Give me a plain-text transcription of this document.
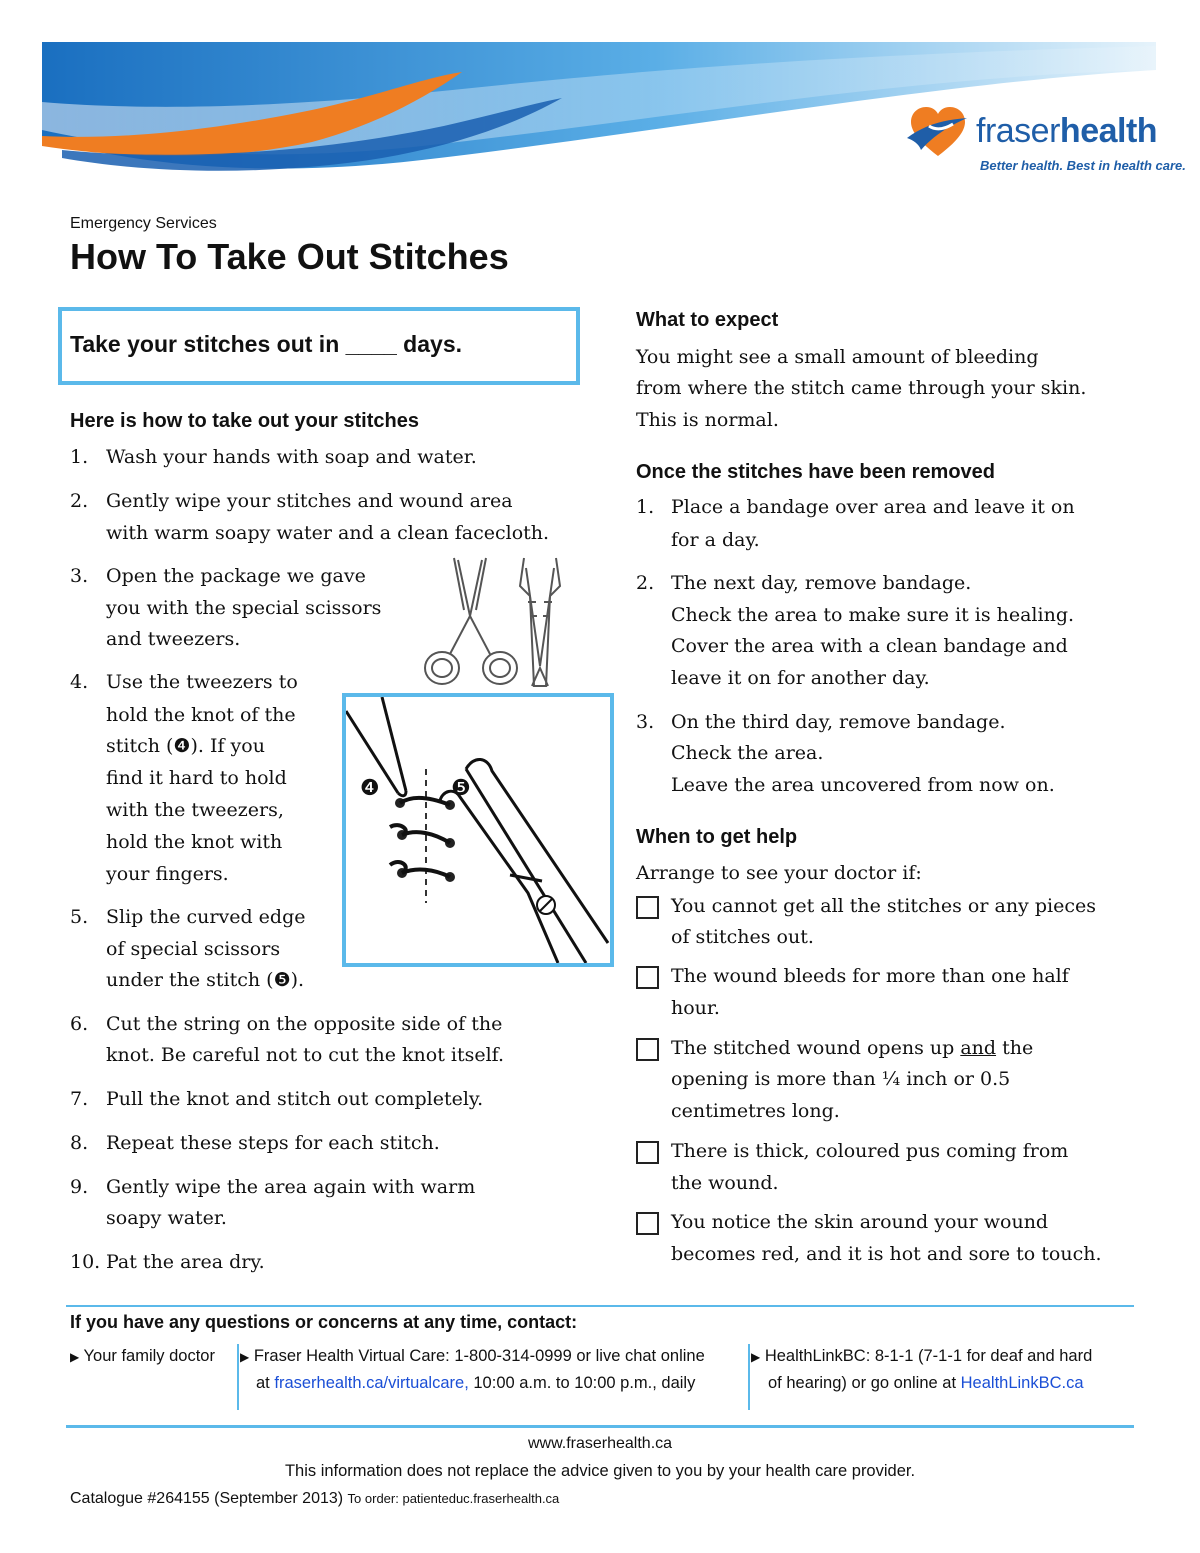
fraserhealth
Better health. Best in health care.
Emergency Services
How To Take Out Stitches
Take your stitches out in ____ days.
Here is how to take out your stitches
❹	❺
What to expect
Once the stitches have been removed
When to get help
Arrange to see your doctor if:
If you have any questions or concerns at any time, contact:
▶ Your family doctor ▶ Fraser Health Virtual Care: 1-800-314-0999 or live chat online
at fraserhealth.ca/virtualcare, 10:00 a.m. to 10:00 p.m., daily
▶ HealthLinkBC: 8-1-1 (7-1-1 for deaf and hard
of hearing) or go online at HealthLinkBC.ca
www.fraserhealth.ca
This information does not replace the advice given to you by your health care provider.
Catalogue #264155 (September 2013) To order: patienteduc.fraserhealth.ca
1. Wash your hands with soap and water.
2. Gently wipe your stitches and wound area
with warm soapy water and a clean facecloth.
3. Open the package we gave
you with the special scissors
and tweezers.
4. Use the tweezers to
hold the knot of the
stitch (❹). If you
find it hard to hold
with the tweezers,
hold the knot with
your fingers.
5. Slip the curved edge
of special scissors
under the stitch (❺).
6. Cut the string on the opposite side of the
knot. Be careful not to cut the knot itself.
7. Pull the knot and stitch out completely.
8. Repeat these steps for each stitch.
9. Gently wipe the area again with warm
soapy water.
10. Pat the area dry.
You might see a small amount of bleeding
from where the stitch came through your skin.
This is normal.
1. Place a bandage over area and leave it on
for a day.
2. The next day, remove bandage.
Check the area to make sure it is healing.
Cover the area with a clean bandage and
leave it on for another day.
3. On the third day, remove bandage.
Check the area.
Leave the area uncovered from now on.
You cannot get all the stitches or any pieces
of stitches out.
The wound bleeds for more than one half
hour.
The stitched wound opens up and the
opening is more than ¼ inch or 0.5
centimetres long.
There is thick, coloured pus coming from
the wound.
You notice the skin around your wound
becomes red, and it is hot and sore to touch.
